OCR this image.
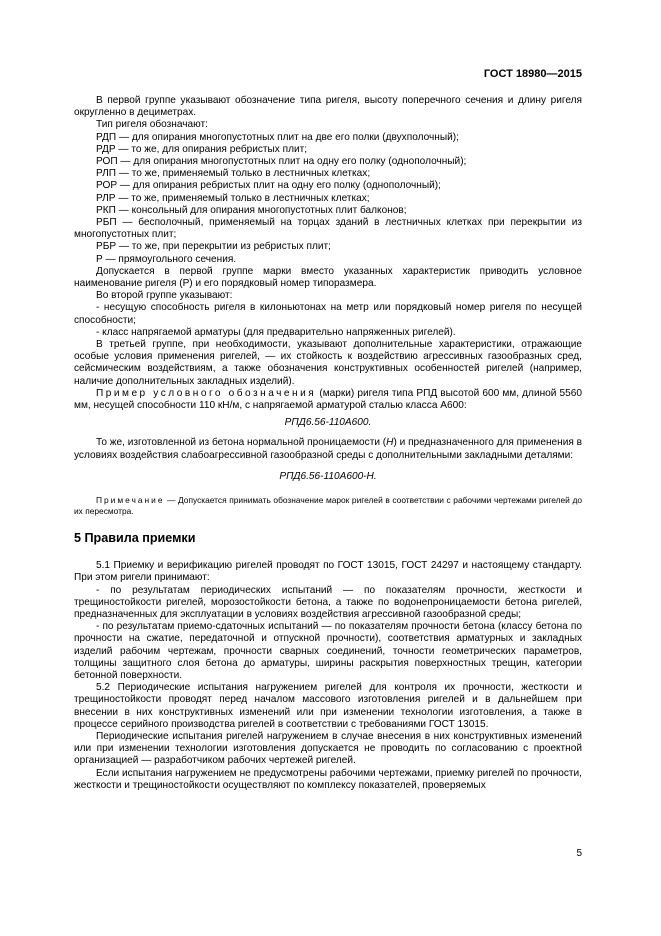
ГОСТ 18980—2015

В первой группе указывают обозначение типа ригеля, высоту поперечного сечения и длину ригеля округленно в дециметрах.

Тип ригеля обозначают:

РДП — для опирания многопустотных плит на две его полки (двухполочный);

РДР — то же, для опирания ребристых плит;

РОП — для опирания многопустотных плит на одну его полку (однополочный);

РЛП — то же, применяемый только в лестничных клетках;

РОР — для опирания ребристых плит на одну его полку (однополочный);

РЛР — то же, применяемый только в лестничных клетках;

РКП — консольный для опирания многопустотных плит балконов;

РБП — бесполочный, применяемый на торцах зданий в лестничных клетках при перекрытии из многопустотных плит;

РБР — то же, при перекрытии из ребристых плит;

Р — прямоугольного сечения.

Допускается в первой группе марки вместо указанных характеристик приводить условное наименование ригеля (Р) и его порядковый номер типоразмера.

Во второй группе указывают:

- несущую способность ригеля в килоньютонах на метр или порядковый номер ригеля по несущей способности;

- класс напрягаемой арматуры (для предварительно напряженных ригелей).

В третьей группе, при необходимости, указывают дополнительные характеристики, отражающие особые условия применения ригелей, — их стойкость к воздействию агрессивных газообразных сред, сейсмическим воздействиям, а также обозначения конструктивных особенностей ригелей (например, наличие дополнительных закладных изделий).

Пример условного обозначения (марки) ригеля типа РПД высотой 600 мм, длиной 5560 мм, несущей способности 110 кН/м, с напрягаемой арматурой сталью класса А600:

РПД6.56-110А600.

То же, изготовленной из бетона нормальной проницаемости (Н) и предназначенного для применения в условиях воздействия слабоагрессивной газообразной среды с дополнительными закладными деталями:

РПД6.56-110А600-Н.

Примечание — Допускается принимать обозначение марок ригелей в соответствии с рабочими чертежами ригелей до их пересмотра.

5 Правила приемки

5.1 Приемку и верификацию ригелей проводят по ГОСТ 13015, ГОСТ 24297 и настоящему стандарту. При этом ригели принимают:

- по результатам периодических испытаний — по показателям прочности, жесткости и трещиностойкости ригелей, морозостойкости бетона, а также по водонепроницаемости бетона ригелей, предназначенных для эксплуатации в условиях воздействия агрессивной газообразной среды;

- по результатам приемо-сдаточных испытаний — по показателям прочности бетона (классу бетона по прочности на сжатие, передаточной и отпускной прочности), соответствия арматурных и закладных изделий рабочим чертежам, прочности сварных соединений, точности геометрических параметров, толщины защитного слоя бетона до арматуры, ширины раскрытия поверхностных трещин, категории бетонной поверхности.

5.2 Периодические испытания нагружением ригелей для контроля их прочности, жесткости и трещиностойкости проводят перед началом массового изготовления ригелей и в дальнейшем при внесении в них конструктивных изменений или при изменении технологии изготовления, а также в процессе серийного производства ригелей в соответствии с требованиями ГОСТ 13015.

Периодические испытания ригелей нагружением в случае внесения в них конструктивных изменений или при изменении технологии изготовления допускается не проводить по согласованию с проектной организацией — разработчиком рабочих чертежей ригелей.

Если испытания нагружением не предусмотрены рабочими чертежами, приемку ригелей по прочности, жесткости и трещиностойкости осуществляют по комплексу показателей, проверяемых

5
